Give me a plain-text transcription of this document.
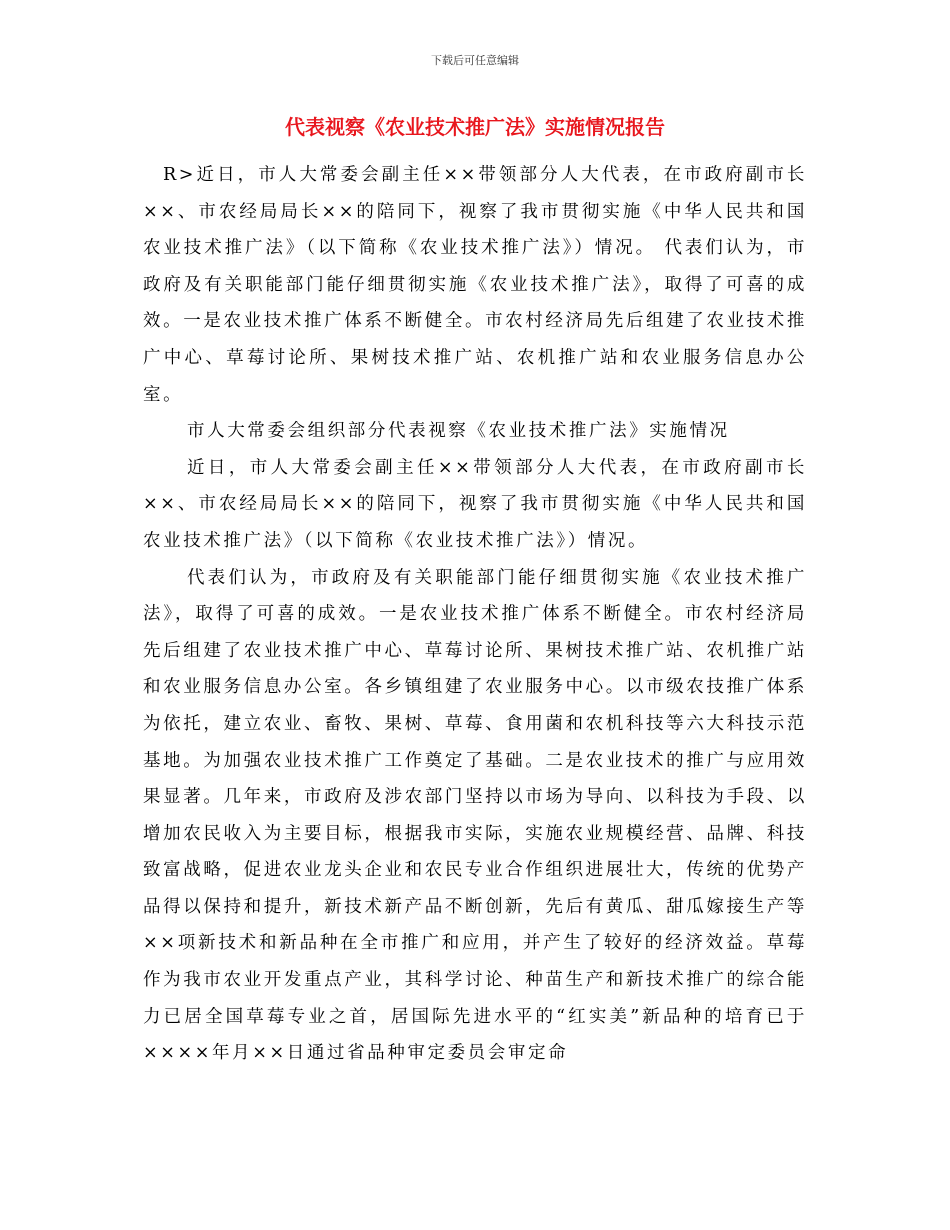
下载后可任意编辑
代表视察《农业技术推广法》实施情况报告

R>近日，市人大常委会副主任××带领部分人大代表，在市政府副市长××、市农经局局长××的陪同下，视察了我市贯彻实施《中华人民共和国农业技术推广法》（以下简称《农业技术推广法》）情况。 代表们认为，市政府及有关职能部门能仔细贯彻实施《农业技术推广法》，取得了可喜的成效。一是农业技术推广体系不断健全。市农村经济局先后组建了农业技术推广中心、草莓讨论所、果树技术推广站、农机推广站和农业服务信息办公室。

市人大常委会组织部分代表视察《农业技术推广法》实施情况

近日，市人大常委会副主任××带领部分人大代表，在市政府副市长××、市农经局局长××的陪同下，视察了我市贯彻实施《中华人民共和国农业技术推广法》（以下简称《农业技术推广法》）情况。

代表们认为，市政府及有关职能部门能仔细贯彻实施《农业技术推广法》，取得了可喜的成效。一是农业技术推广体系不断健全。市农村经济局先后组建了农业技术推广中心、草莓讨论所、果树技术推广站、农机推广站和农业服务信息办公室。各乡镇组建了农业服务中心。以市级农技推广体系为依托，建立农业、畜牧、果树、草莓、食用菌和农机科技等六大科技示范基地。为加强农业技术推广工作奠定了基础。二是农业技术的推广与应用效果显著。几年来，市政府及涉农部门坚持以市场为导向、以科技为手段、以增加农民收入为主要目标，根据我市实际，实施农业规模经营、品牌、科技致富战略，促进农业龙头企业和农民专业合作组织进展壮大，传统的优势产品得以保持和提升，新技术新产品不断创新，先后有黄瓜、甜瓜嫁接生产等××项新技术和新品种在全市推广和应用，并产生了较好的经济效益。草莓作为我市农业开发重点产业，其科学讨论、种苗生产和新技术推广的综合能力已居全国草莓专业之首，居国际先进水平的“红实美”新品种的培育已于××××年月××日通过省品种审定委员会审定命
